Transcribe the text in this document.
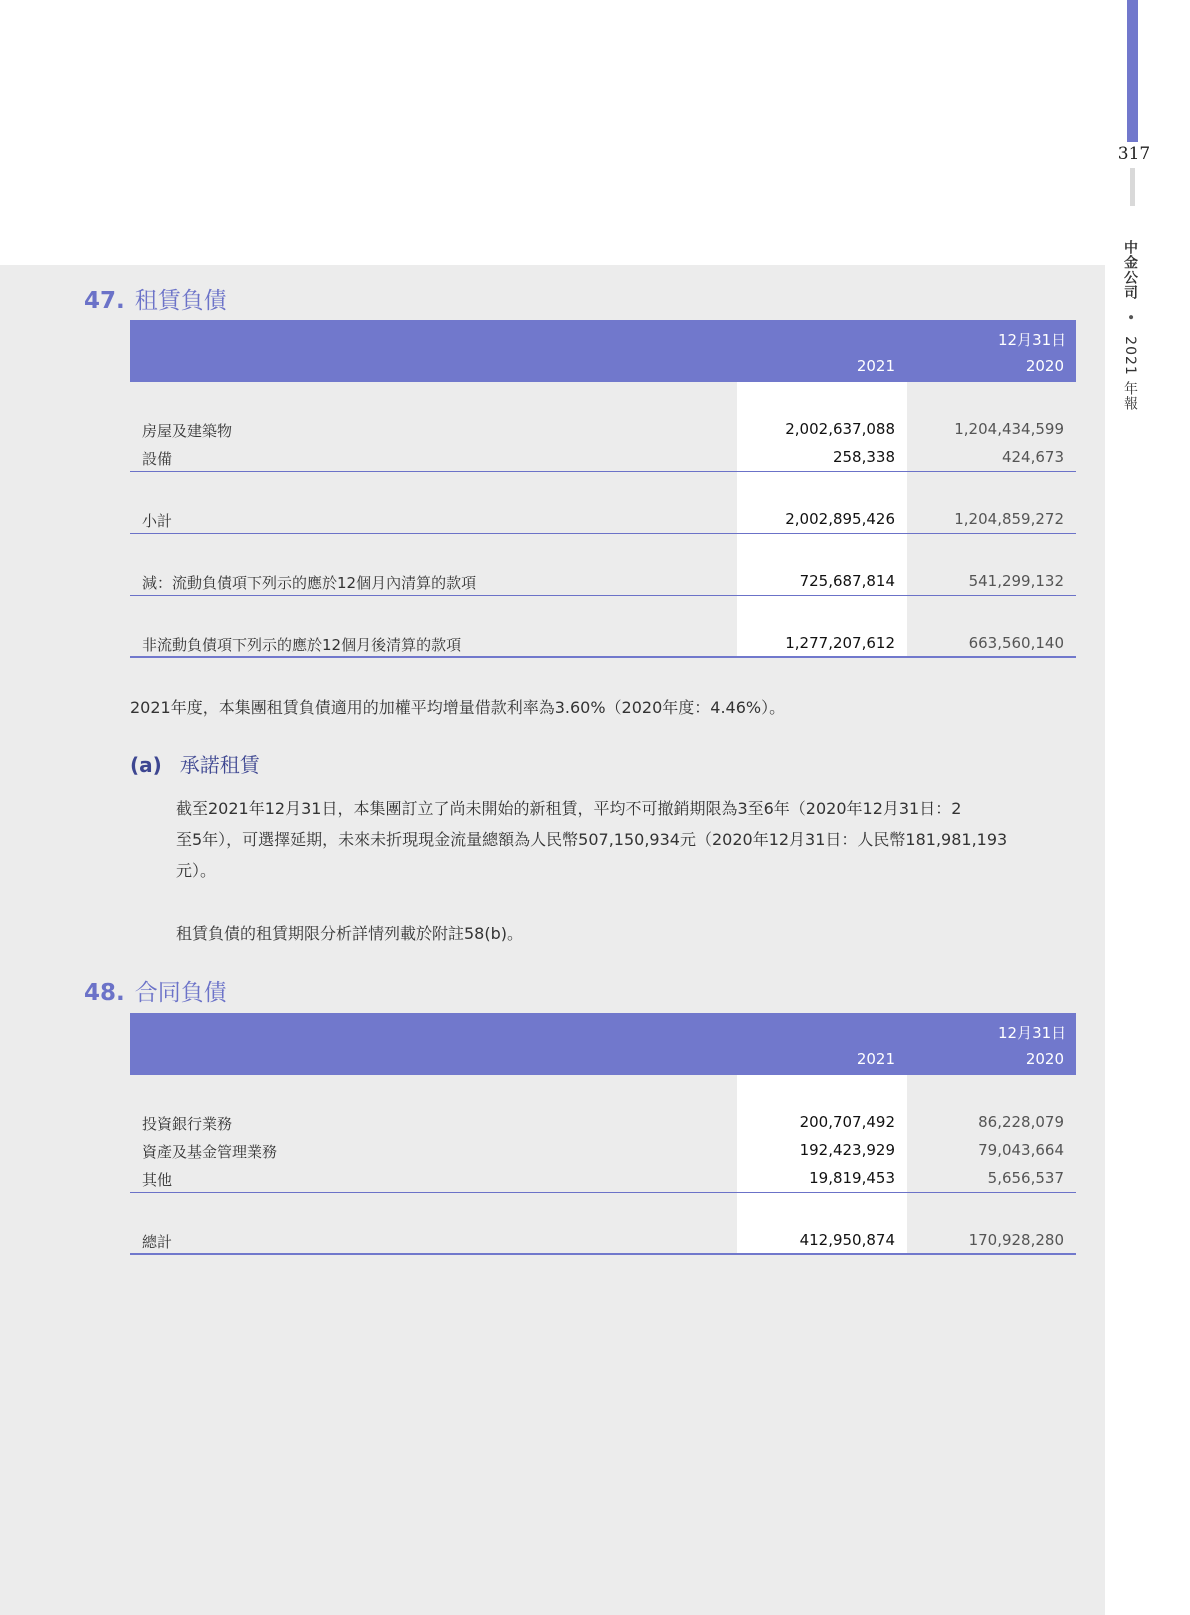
317
中金公司 • 2021 年報
47. 租賃負債
12月31日
2021	2020
房屋及建築物	2,002,637,088	1,204,434,599
設備	258,338	424,673
小計	2,002,895,426	1,204,859,272
減：流動負債項下列示的應於12個月內清算的款項	725,687,814	541,299,132
非流動負債項下列示的應於12個月後清算的款項	1,277,207,612	663,560,140
2021年度，本集團租賃負債適用的加權平均增量借款利率為3.60%（2020年度：4.46%）。
(a) 承諾租賃
截至2021年12月31日，本集團訂立了尚未開始的新租賃，平均不可撤銷期限為3至6年（2020年12月31日：2
至5年），可選擇延期，未來未折現現金流量總額為人民幣507,150,934元（2020年12月31日：人民幣181,981,193
元）。
租賃負債的租賃期限分析詳情列載於附註58(b)。
48. 合同負債
12月31日
2021	2020
投資銀行業務	200,707,492	86,228,079
資產及基金管理業務	192,423,929	79,043,664
其他	19,819,453	5,656,537
總計	412,950,874	170,928,280
